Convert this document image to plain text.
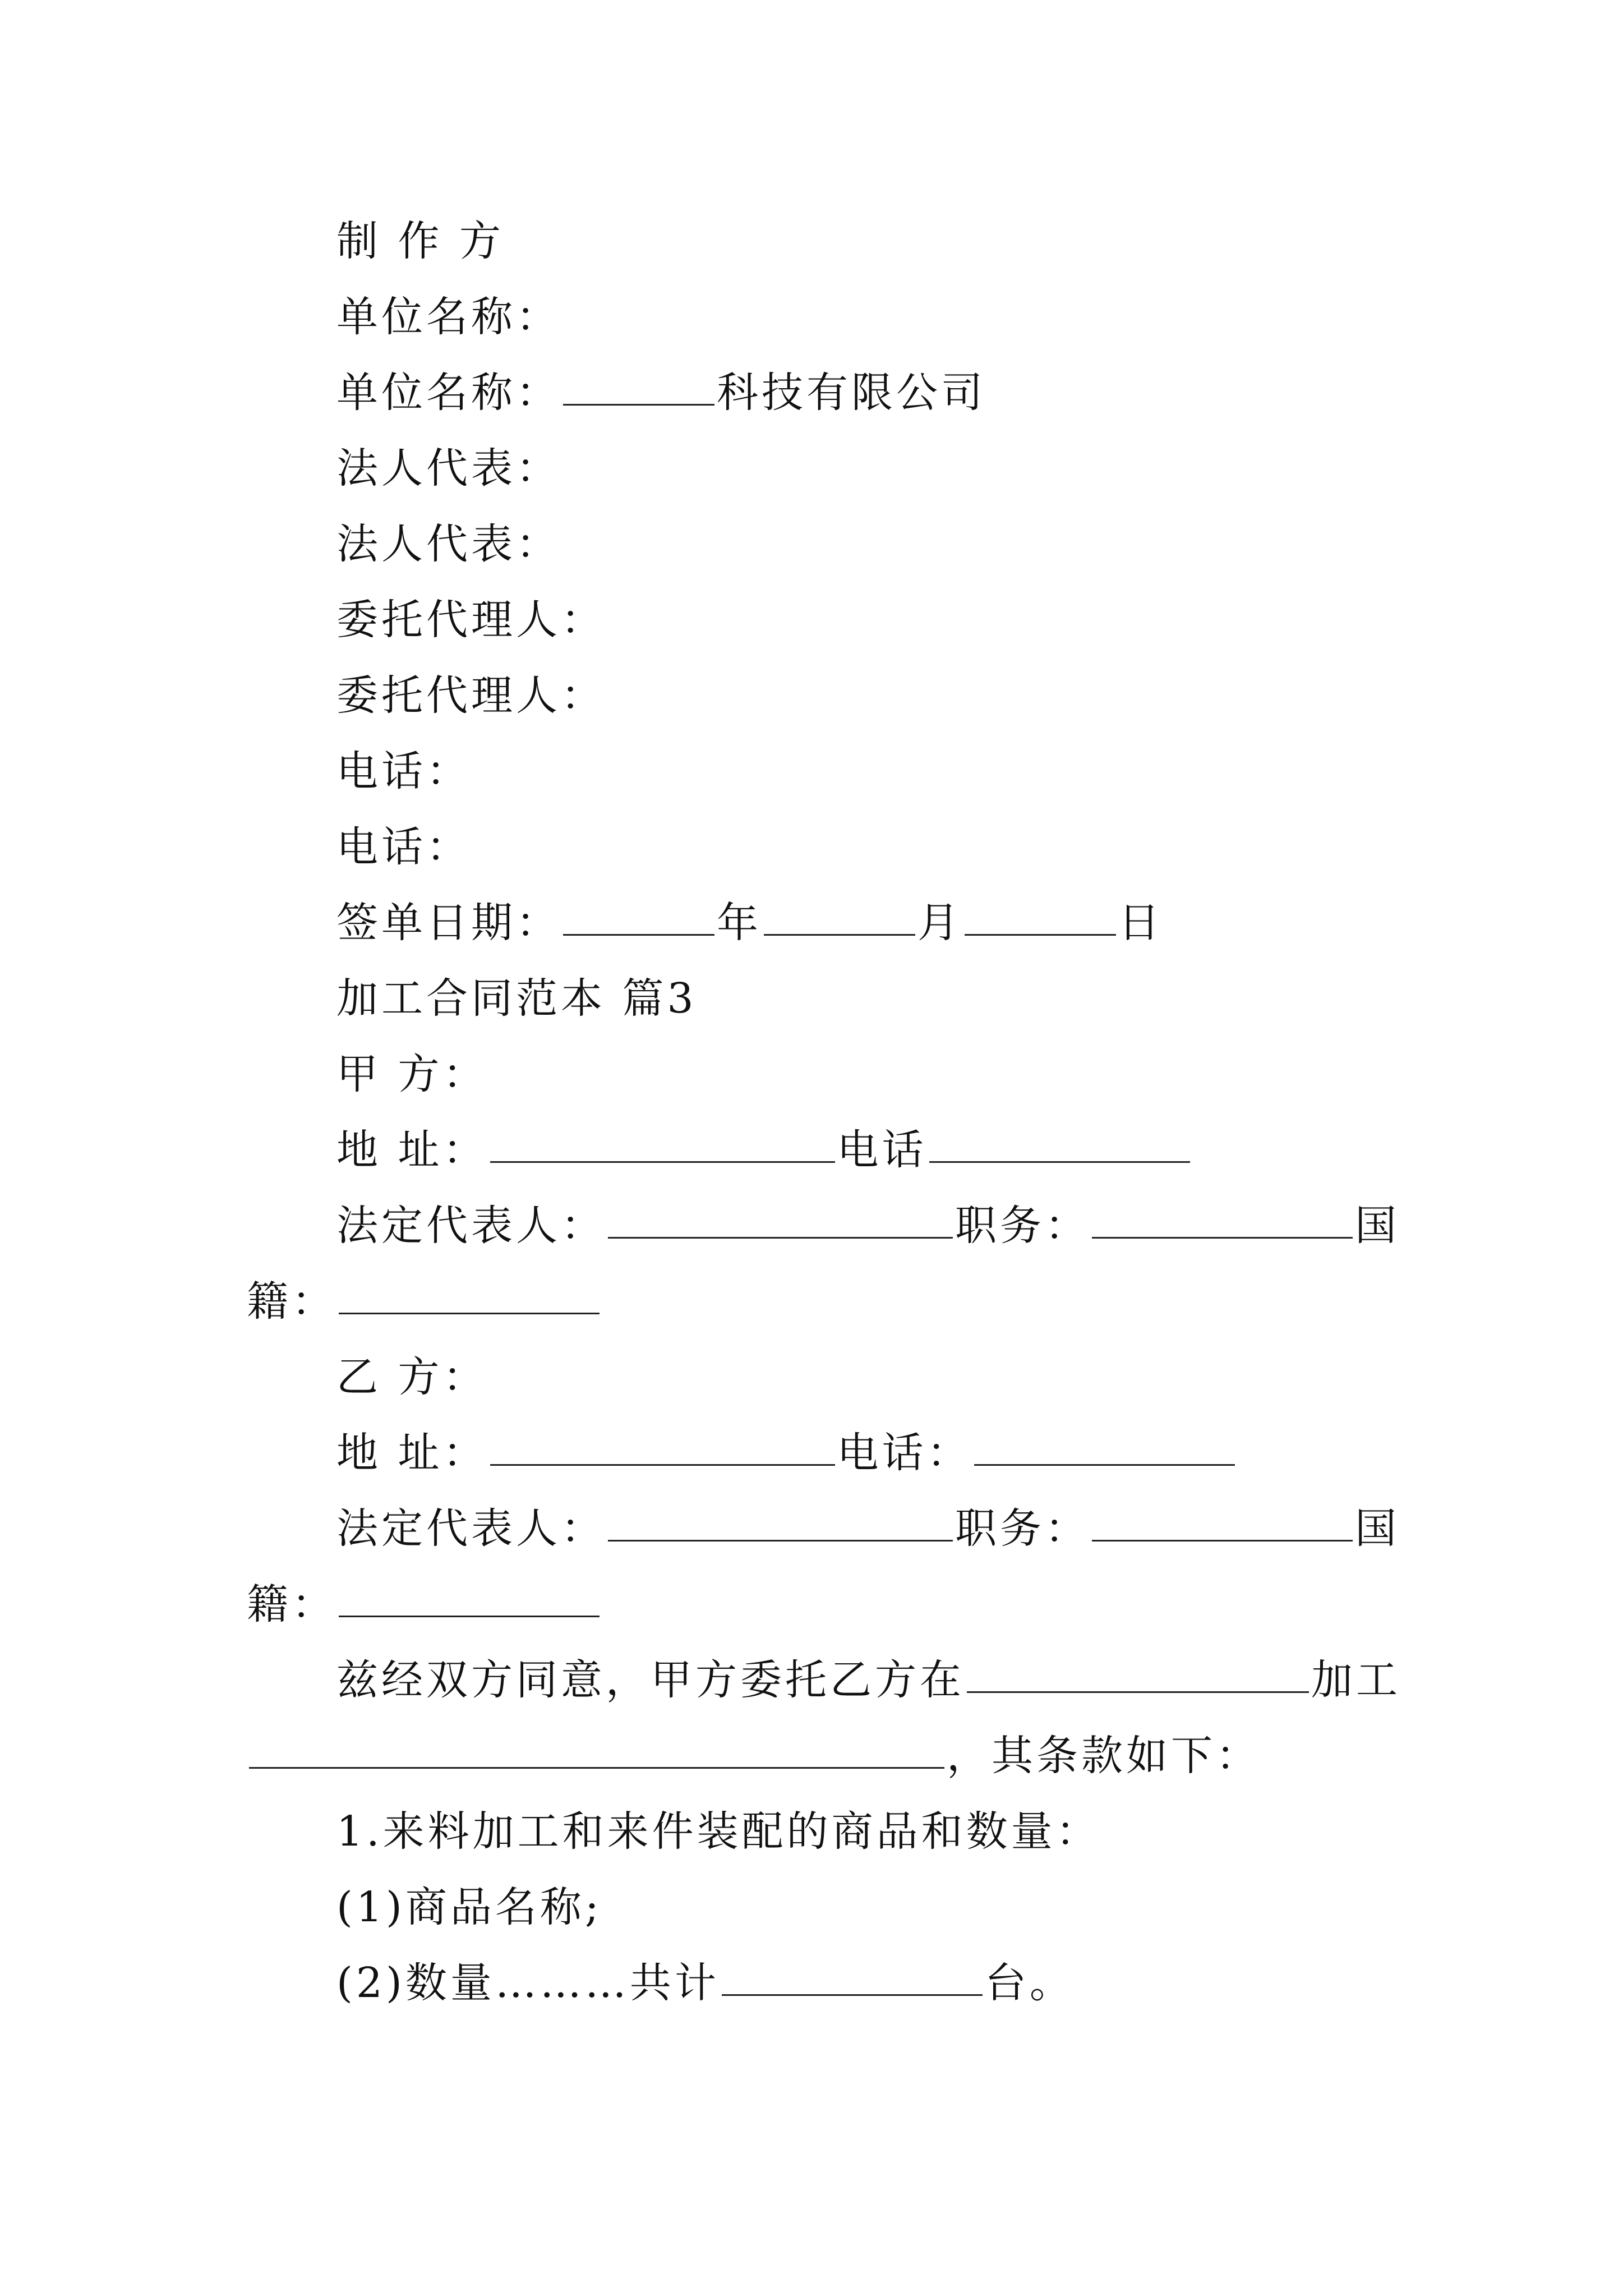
制 作 方
单位名称：
单位名称：	科技有限公司
法人代表：
法人代表：
委托代理人：
委托代理人：
电话：
电话：
签单日期：	年	月	日
加工合同范本 篇3
甲 方：
地 址：	电话
法定代表人：	职务：	国
籍：
乙 方：
地 址：	电话：
法定代表人：	职务：	国
籍：
兹经双方同意，甲方委托乙方在	加工
，其条款如下：
1.来料加工和来件装配的商品和数量：
(1)商品名称;
(2)数量………共计	台。
